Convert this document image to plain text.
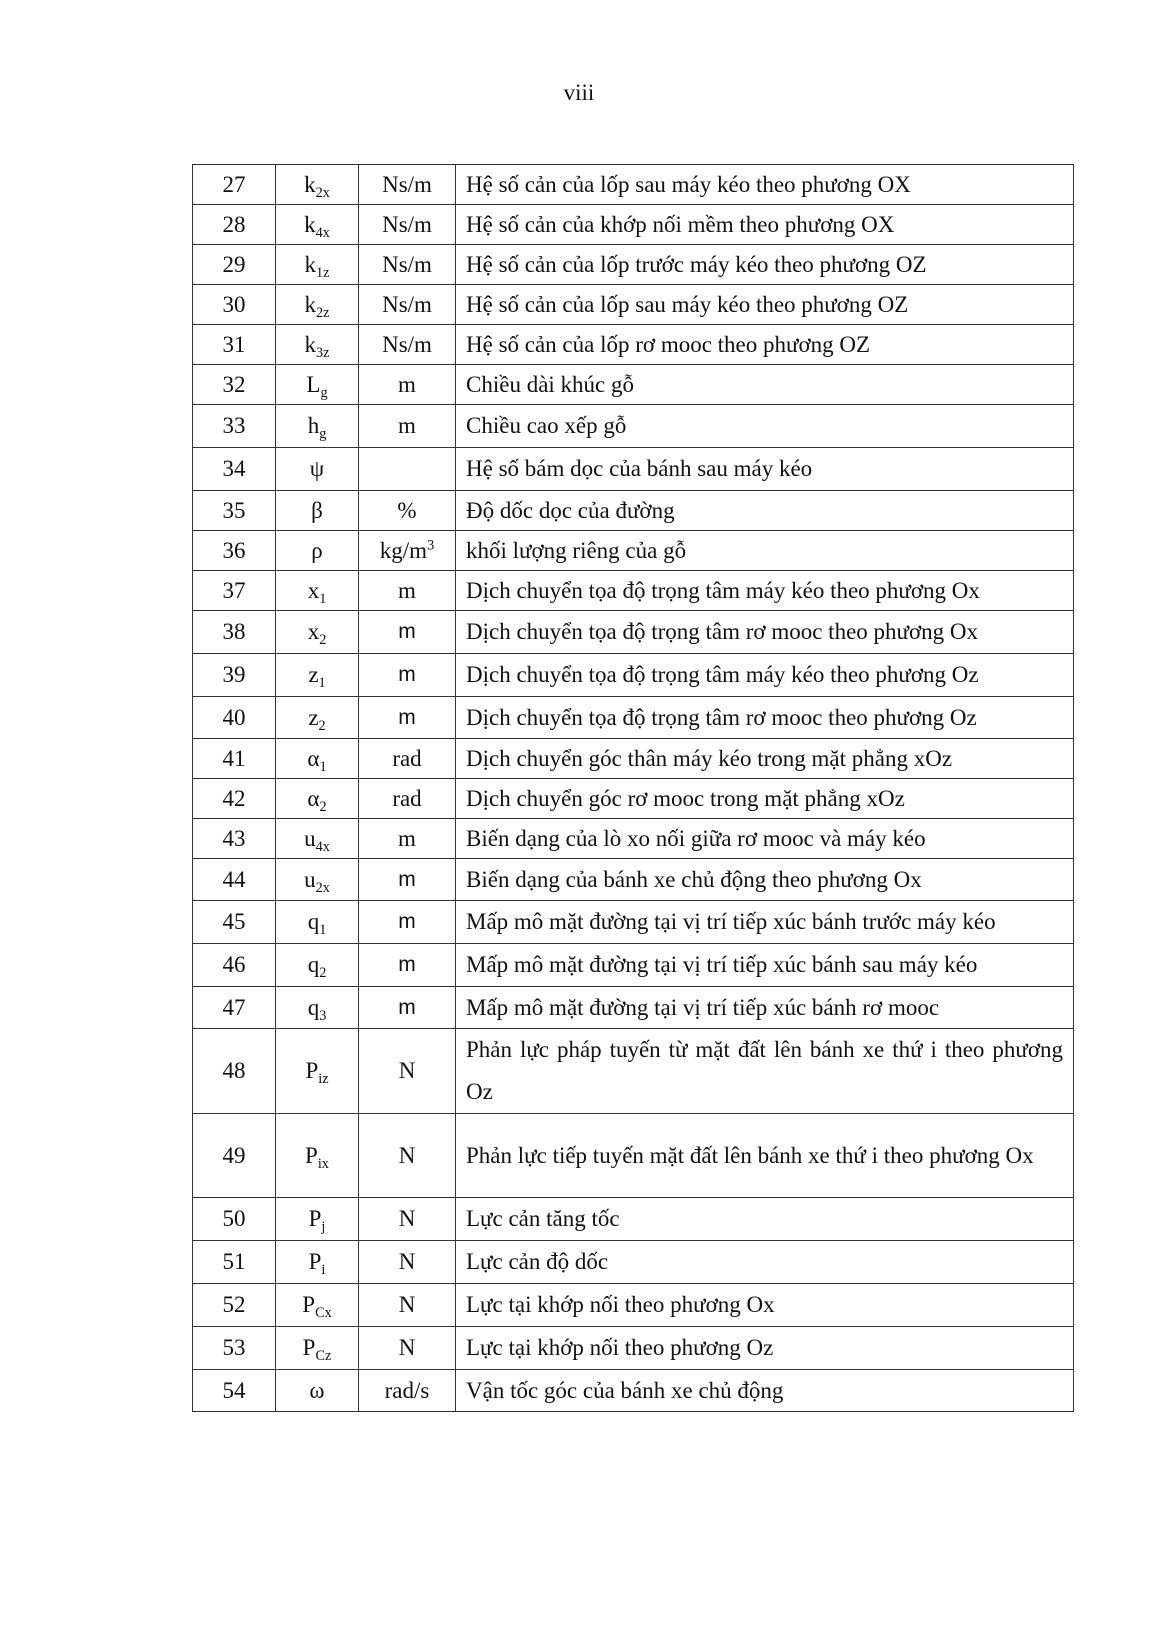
viii
27	$k_{2x}$	Ns/m	Hệ số cản của lốp sau máy kéo theo phương OX
28	$k_{4x}$	Ns/m	Hệ số cản của khớp nối mềm theo phương OX
29	$k_{1z}$	Ns/m	Hệ số cản của lốp trước máy kéo theo phương OZ
30	$k_{2z}$	Ns/m	Hệ số cản của lốp sau máy kéo theo phương OZ
31	$k_{3z}$	Ns/m	Hệ số cản của lốp rơ mooc theo phương OZ
32	$L_g$	m	Chiều dài khúc gỗ
33	$h_g$	m	Chiều cao xếp gỗ
34	ψ		Hệ số bám dọc của bánh sau máy kéo
35	β	%	Độ dốc dọc của đường
36	ρ	$kg/m^3$	khối lượng riêng của gỗ
37	$x_1$	m	Dịch chuyển tọa độ trọng tâm máy kéo theo phương Ox
38	$x_2$	m	Dịch chuyển tọa độ trọng tâm rơ mooc theo phương Ox
39	$z_1$	m	Dịch chuyển tọa độ trọng tâm máy kéo theo phương Oz
40	$z_2$	m	Dịch chuyển tọa độ trọng tâm rơ mooc theo phương Oz
41	$\alpha_1$	rad	Dịch chuyển góc thân máy kéo trong mặt phẳng xOz
42	$\alpha_2$	rad	Dịch chuyển góc rơ mooc trong mặt phẳng xOz
43	$u_{4x}$	m	Biến dạng của lò xo nối giữa rơ mooc và máy kéo
44	$u_{2x}$	m	Biến dạng của bánh xe chủ động theo phương Ox
45	$q_1$	m	Mấp mô mặt đường tại vị trí tiếp xúc bánh trước máy kéo
46	$q_2$	m	Mấp mô mặt đường tại vị trí tiếp xúc bánh sau máy kéo
47	$q_3$	m	Mấp mô mặt đường tại vị trí tiếp xúc bánh rơ mooc
48	$P_{iz}$	N	Phản lực pháp tuyến từ mặt đất lên bánh xe thứ i theo phương Oz
49	$P_{ix}$	N	Phản lực tiếp tuyến mặt đất lên bánh xe thứ i theo phương Ox
50	$P_j$	N	Lực cản tăng tốc
51	$P_i$	N	Lực cản độ dốc
52	$P_{Cx}$	N	Lực tại khớp nối theo phương Ox
53	$P_{Cz}$	N	Lực tại khớp nối theo phương Oz
54	ω	rad/s	Vận tốc góc của bánh xe chủ động
